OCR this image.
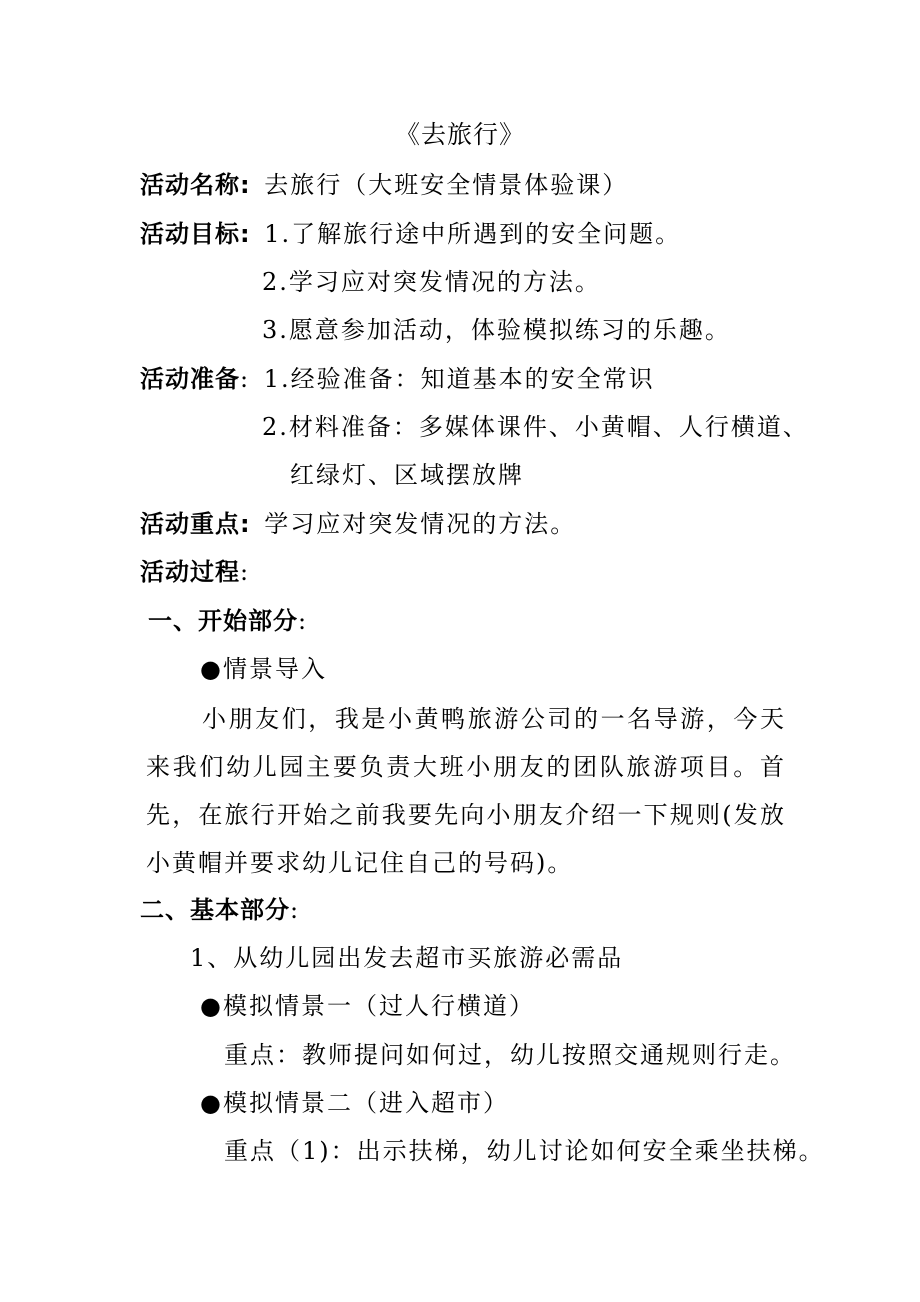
《去旅行》
活动名称: 去旅行（大班安全情景体验课）
活动目标: 1.了解旅行途中所遇到的安全问题。
2.学习应对突发情况的方法。
3.愿意参加活动，体验模拟练习的乐趣。
活动准备: 1.经验准备：知道基本的安全常识
2.材料准备：多媒体课件、小黄帽、人行横道、
红绿灯、区域摆放牌
活动重点: 学习应对突发情况的方法。
活动过程:
一、开始部分:
●情景导入
小朋友们，我是小黄鸭旅游公司的一名导游，今天来我们幼儿园主要负责大班小朋友的团队旅游项目。首先，在旅行开始之前我要先向小朋友介绍一下规则(发放小黄帽并要求幼儿记住自己的号码)。
二、基本部分:
1、从幼儿园出发去超市买旅游必需品
●模拟情景一（过人行横道）
重点：教师提问如何过，幼儿按照交通规则行走。
●模拟情景二（进入超市）
重点（1)：出示扶梯，幼儿讨论如何安全乘坐扶梯。
